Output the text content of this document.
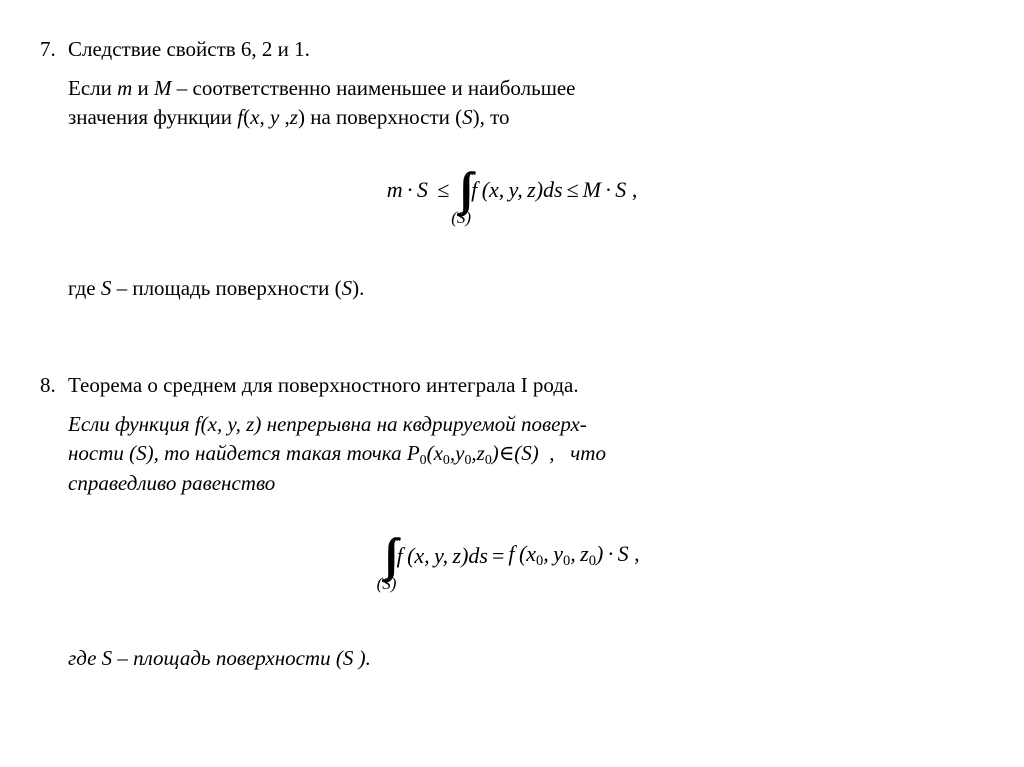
7. Следствие свойств 6, 2 и 1.
Если m и M – соответственно наименьшее и наибольшее
значения функции f(x, y ,z) на поверхности (S), то
m · S ≤ ∫∫
(S)
f (x, y, z)ds ≤ M · S ,
где S – площадь поверхности (S).
8. Теорема о среднем для поверхностного интеграла I рода.
Если функция f(x, y, z) непрерывна на квдрируемой поверх-
ности (S), то найдется такая точка $P_0(x_0,y_0,z_0)\in(S)$  ,   что
справедливо равенство
∫∫
(S)
f (x, y, z)ds = f ($x_0$, $y_0$, $z_0) \cdot S$ ,
где S – площадь поверхности (S ).
